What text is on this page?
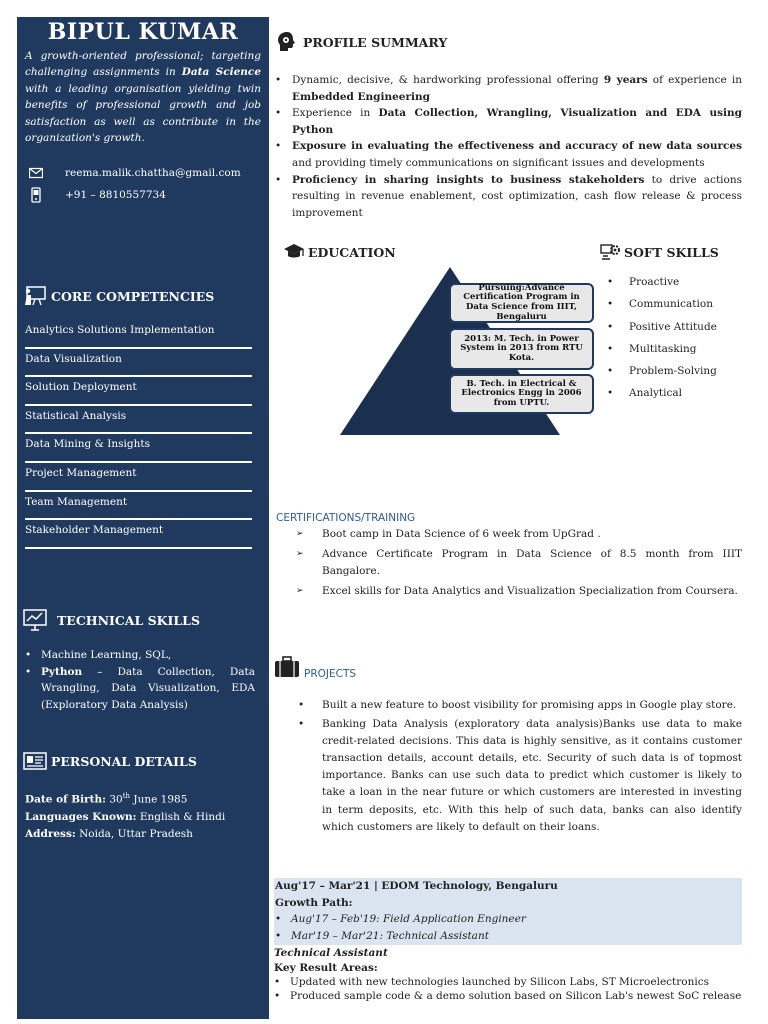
BIPUL KUMAR
A growth-oriented professional; targeting challenging assignments in Data Science with a leading organisation yielding twin benefits of professional growth and job satisfaction as well as contribute in the organization's growth.
reema.malik.chattha@gmail.com
+91 – 8810557734
CORE COMPETENCIES
Analytics Solutions Implementation
Data Visualization
Solution Deployment
Statistical Analysis
Data Mining & Insights
Project Management
Team Management
Stakeholder Management
TECHNICAL SKILLS
• Machine Learning, SQL,
• Python – Data Collection, Data Wrangling, Data Visualization, EDA (Exploratory Data Analysis)
PERSONAL DETAILS
Date of Birth: 30th June 1985
Languages Known: English & Hindi
Address: Noida, Uttar Pradesh
PROFILE SUMMARY
• Dynamic, decisive, & hardworking professional offering 9 years of experience in Embedded Engineering
• Experience in Data Collection, Wrangling, Visualization and EDA using Python
• Exposure in evaluating the effectiveness and accuracy of new data sources and providing timely communications on significant issues and developments
• Proficiency in sharing insights to business stakeholders to drive actions resulting in revenue enablement, cost optimization, cash flow release & process improvement
EDUCATION
Pursuing:Advance Certification Program in Data Science from IIIT, Bengaluru
2013: M. Tech. in Power System in 2013 from RTU Kota.
B. Tech. in Electrical & Electronics Engg in 2006 from UPTU.
SOFT SKILLS
• Proactive
• Communication
• Positive Attitude
• Multitasking
• Problem-Solving
• Analytical
CERTIFICATIONS/TRAINING
➢ Boot camp in Data Science of 6 week from UpGrad .
➢ Advance Certificate Program in Data Science of 8.5 month from IIIT Bangalore.
➢ Excel skills for Data Analytics and Visualization Specialization from Coursera.
PROJECTS
• Built a new feature to boost visibility for promising apps in Google play store.
• Banking Data Analysis (exploratory data analysis)Banks use data to make credit-related decisions. This data is highly sensitive, as it contains customer transaction details, account details, etc. Security of such data is of topmost importance. Banks can use such data to predict which customer is likely to take a loan in the near future or which customers are interested in investing in term deposits, etc. With this help of such data, banks can also identify which customers are likely to default on their loans.
Aug'17 – Mar'21 | EDOM Technology, Bengaluru
Growth Path:
• Aug'17 – Feb'19: Field Application Engineer
• Mar'19 – Mar'21: Technical Assistant
Technical Assistant
Key Result Areas:
• Updated with new technologies launched by Silicon Labs, ST Microelectronics
• Produced sample code & a demo solution based on Silicon Lab's newest SoC release
